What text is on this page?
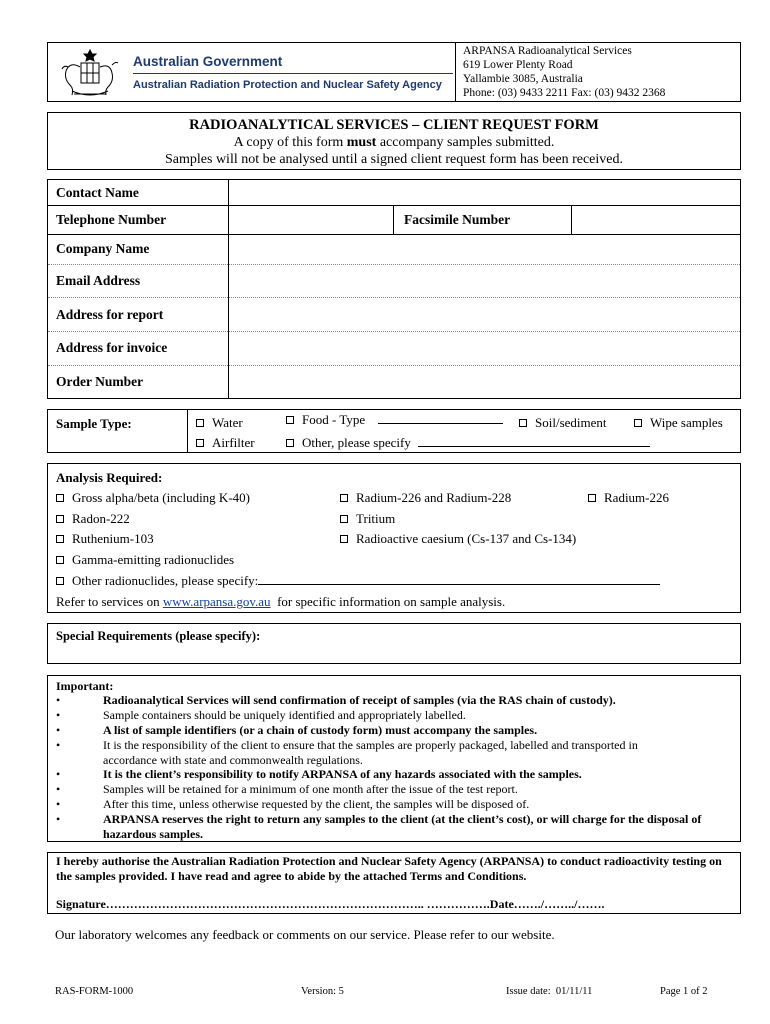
Australian Government
Australian Radiation Protection and Nuclear Safety Agency
ARPANSA Radioanalytical Services
619 Lower Plenty Road
Yallambie 3085, Australia
Phone: (03) 9433 2211 Fax: (03) 9432 2368
RADIOANALYTICAL SERVICES – CLIENT REQUEST FORM
A copy of this form must accompany samples submitted.
Samples will not be analysed until a signed client request form has been received.
Contact Name
Telephone Number	Facsimile Number
Company Name
Email Address
Address for report
Address for invoice
Order Number
Sample Type:	Water	Food - Type	Soil/sediment	Wipe samples
Airfilter	Other, please specify
Analysis Required:
Gross alpha/beta (including K-40)	Radium-226 and Radium-228	Radium-226
Radon-222	Tritium
Ruthenium-103	Radioactive caesium (Cs-137 and Cs-134)
Gamma-emitting radionuclides
Other radionuclides, please specify:
Refer to services on www.arpansa.gov.au  for specific information on sample analysis.
Special Requirements (please specify):
Important:
•	Radioanalytical Services will send confirmation of receipt of samples (via the RAS chain of custody).

•	Sample containers should be uniquely identified and appropriately labelled.

•	A list of sample identifiers (or a chain of custody form) must accompany the samples.

•	It is the responsibility of the client to ensure that the samples are properly packaged, labelled and transported in accordance with state and commonwealth regulations.

•	It is the client’s responsibility to notify ARPANSA of any hazards associated with the samples.

•	Samples will be retained for a minimum of one month after the issue of the test report.

•	After this time, unless otherwise requested by the client, the samples will be disposed of.

•	ARPANSA reserves the right to return any samples to the client (at the client’s cost), or will charge for the disposal of hazardous samples.

I hereby authorise the Australian Radiation Protection and Nuclear Safety Agency (ARPANSA) to conduct radioactivity testing on the samples provided. I have read and agree to abide by the attached Terms and Conditions.
Signature…………………………………………………………………….. …………….Date……./……../…….
Our laboratory welcomes any feedback or comments on our service. Please refer to our website.
RAS-FORM-1000	Version: 5	Issue date:  01/11/11	Page 1 of 2
